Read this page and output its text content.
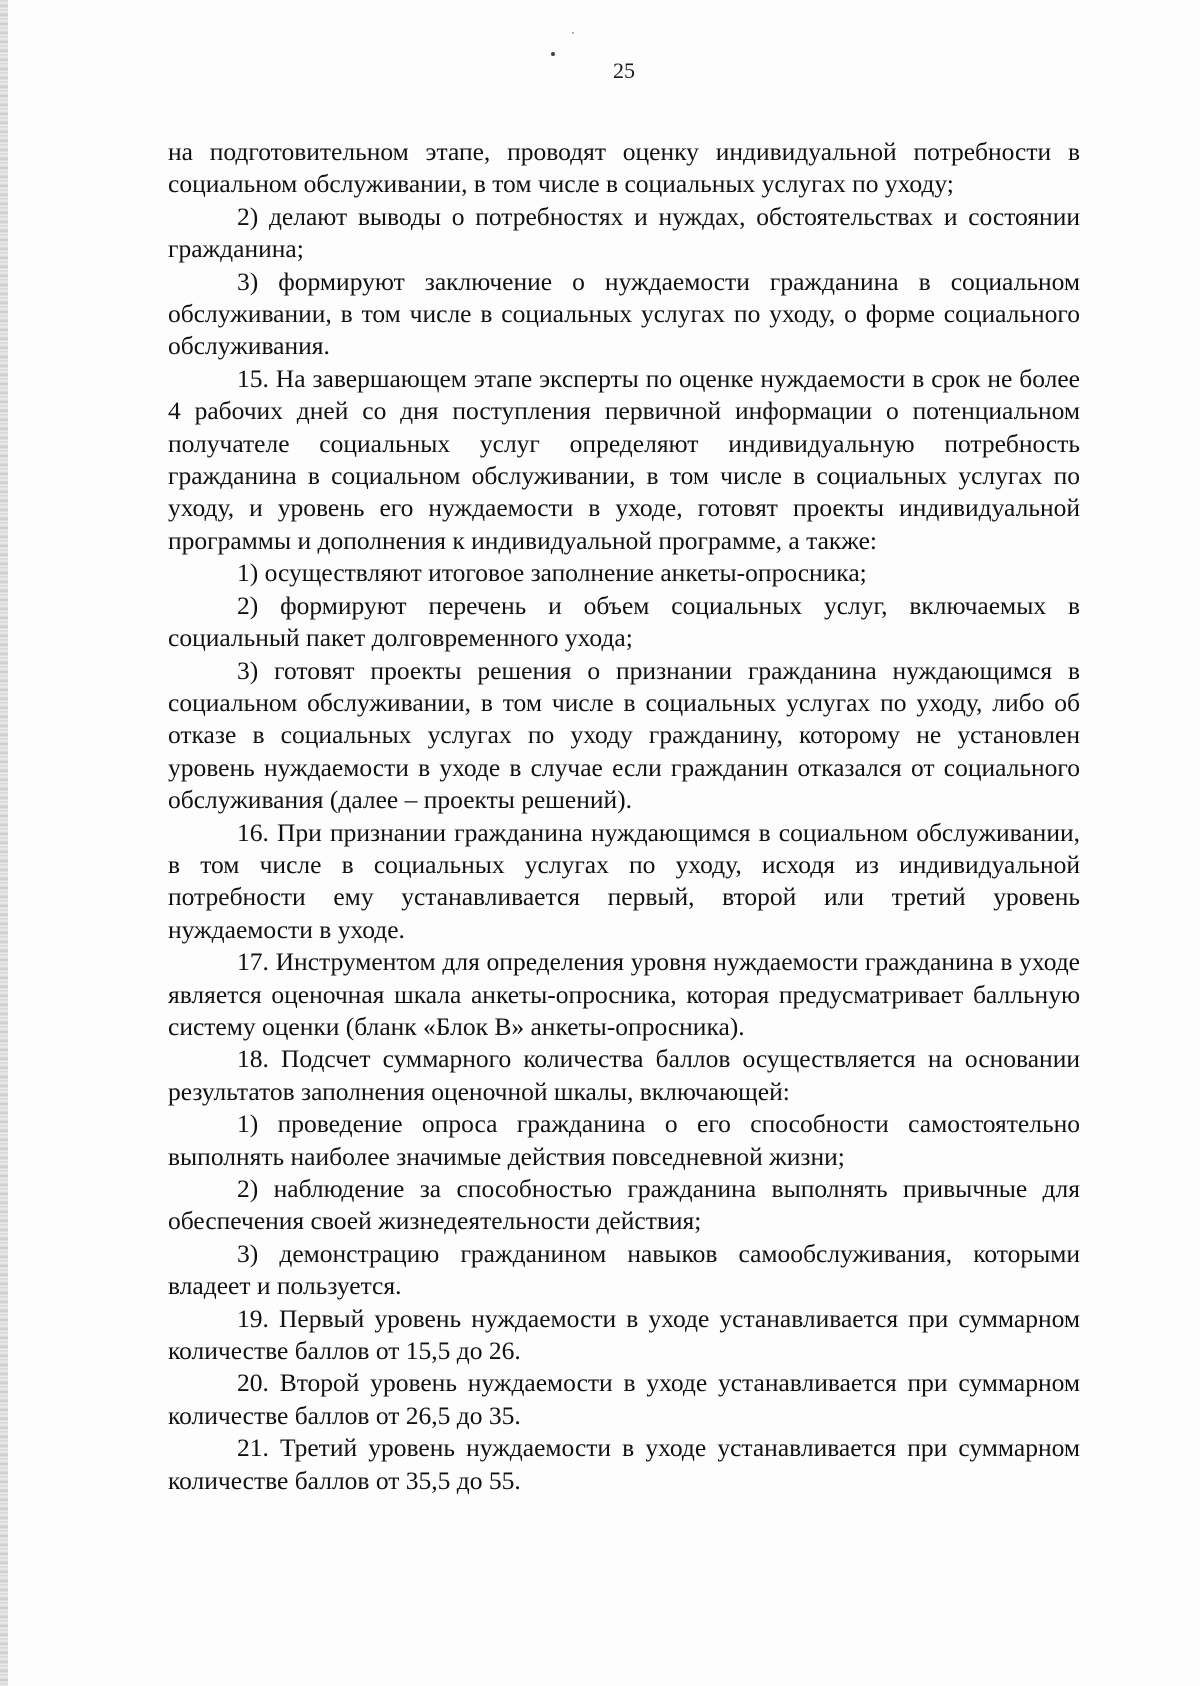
25

на подготовительном этапе, проводят оценку индивидуальной потребности в социальном обслуживании, в том числе в социальных услугах по уходу;

2) делают выводы о потребностях и нуждах, обстоятельствах и состоянии гражданина;

3) формируют заключение о нуждаемости гражданина в социальном обслуживании, в том числе в социальных услугах по уходу, о форме социального обслуживания.

15. На завершающем этапе эксперты по оценке нуждаемости в срок не более 4 рабочих дней со дня поступления первичной информации о потенциальном получателе социальных услуг определяют индивидуальную потребность гражданина в социальном обслуживании, в том числе в социальных услугах по уходу, и уровень его нуждаемости в уходе, готовят проекты индивидуальной программы и дополнения к индивидуальной программе, а также:

1) осуществляют итоговое заполнение анкеты-опросника;

2) формируют перечень и объем социальных услуг, включаемых в социальный пакет долговременного ухода;

3) готовят проекты решения о признании гражданина нуждающимся в социальном обслуживании, в том числе в социальных услугах по уходу, либо об отказе в социальных услугах по уходу гражданину, которому не установлен уровень нуждаемости в уходе в случае если гражданин отказался от социального обслуживания (далее – проекты решений).

16. При признании гражданина нуждающимся в социальном обслуживании, в том числе в социальных услугах по уходу, исходя из индивидуальной потребности ему устанавливается первый, второй или третий уровень нуждаемости в уходе.

17. Инструментом для определения уровня нуждаемости гражданина в уходе является оценочная шкала анкеты-опросника, которая предусматривает балльную систему оценки (бланк «Блок В» анкеты-опросника).

18. Подсчет суммарного количества баллов осуществляется на основании результатов заполнения оценочной шкалы, включающей:

1) проведение опроса гражданина о его способности самостоятельно выполнять наиболее значимые действия повседневной жизни;

2) наблюдение за способностью гражданина выполнять привычные для обеспечения своей жизнедеятельности действия;

3) демонстрацию гражданином навыков самообслуживания, которыми владеет и пользуется.

19. Первый уровень нуждаемости в уходе устанавливается при суммарном количестве баллов от 15,5 до 26.

20. Второй уровень нуждаемости в уходе устанавливается при суммарном количестве баллов от 26,5 до 35.

21. Третий уровень нуждаемости в уходе устанавливается при суммарном количестве баллов от 35,5 до 55.
